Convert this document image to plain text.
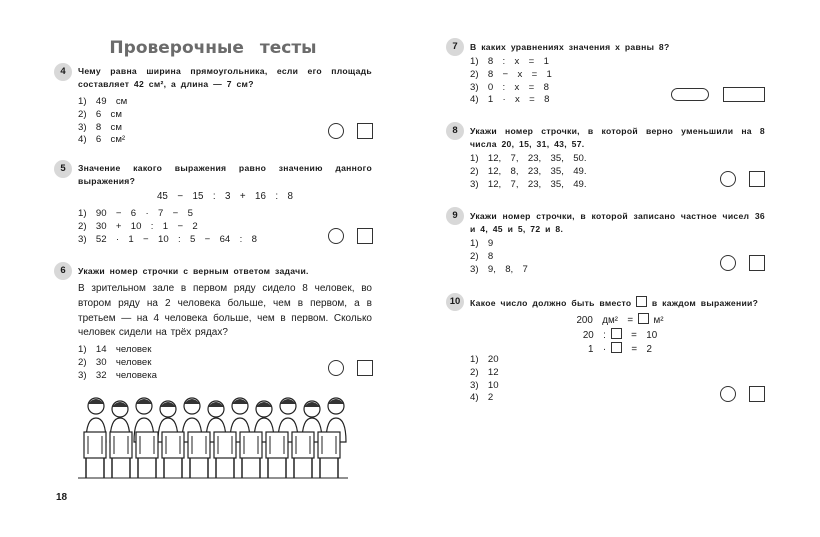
Проверочные тесты
4	Чему равна ширина прямоугольника, если его площадь составляет 42 см², а длина — 7 см?
1)  49  см
2)  6  см
3)  8  см
4)  6  см²
5	Значение какого выражения равно значению данного выражения?
45  −  15  :  3  +  16  :  8
1)  90  −  6  ·  7  −  5
2)  30  +  10  :  1  −  2
3)  52  ·  1  −  10  :  5  −  64  :  8
6	Укажи номер строчки с верным ответом задачи.
В зрительном зале в первом ряду сидело 8 человек, во втором ряду на 2 человека больше, чем в первом, а в третьем — на 4 человека больше, чем в первом. Сколько человек сидели на трёх рядах?
1)  14  человек
2)  30  человек
3)  32  человека
18
7	В каких уравнениях значения х равны 8?
1)  8  :  x  =  1
2)  8  −  x  =  1
3)  0  :  x  =  8
4)  1  ·  x  =  8
8	Укажи номер строчки, в которой верно уменьшили на 8 числа 20, 15, 31, 43, 57.
1)  12,  7,  23,  35,  50.
2)  12,  8,  23,  35,  49.
3)  12,  7,  23,  35,  49.
9	Укажи номер строчки, в которой записано частное чисел 36 и 4, 45 и 5, 72 и 8.
1)  9
2)  8
3)  9,  8,  7
10	Какое число должно быть вместо в каждом выражении?
200  дм²  =  м²
20  :   =  10
1  ·   =  2
1)  20
2)  12
3)  10
4)  2
